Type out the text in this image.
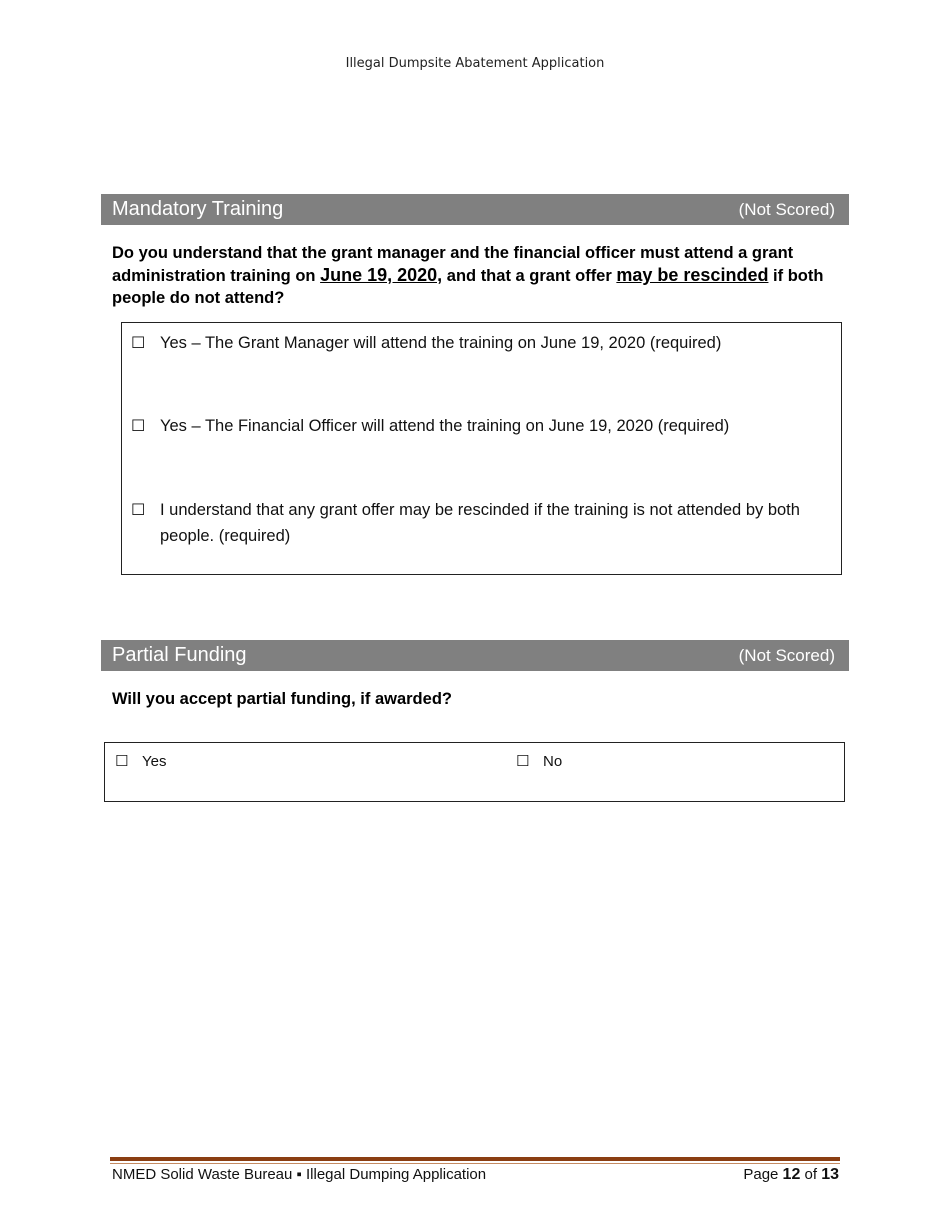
Illegal Dumpsite Abatement Application
Mandatory Training	(Not Scored)
Do you understand that the grant manager and the financial officer must attend a grant administration training on June 19, 2020, and that a grant offer may be rescinded if both people do not attend?
☐ Yes – The Grant Manager will attend the training on June 19, 2020 (required)
☐ Yes – The Financial Officer will attend the training on June 19, 2020 (required)
☐ I understand that any grant offer may be rescinded if the training is not attended by both people. (required)
Partial Funding	(Not Scored)
Will you accept partial funding, if awarded?
☐ Yes	☐ No
NMED Solid Waste Bureau ▪ Illegal Dumping Application	Page 12 of 13
